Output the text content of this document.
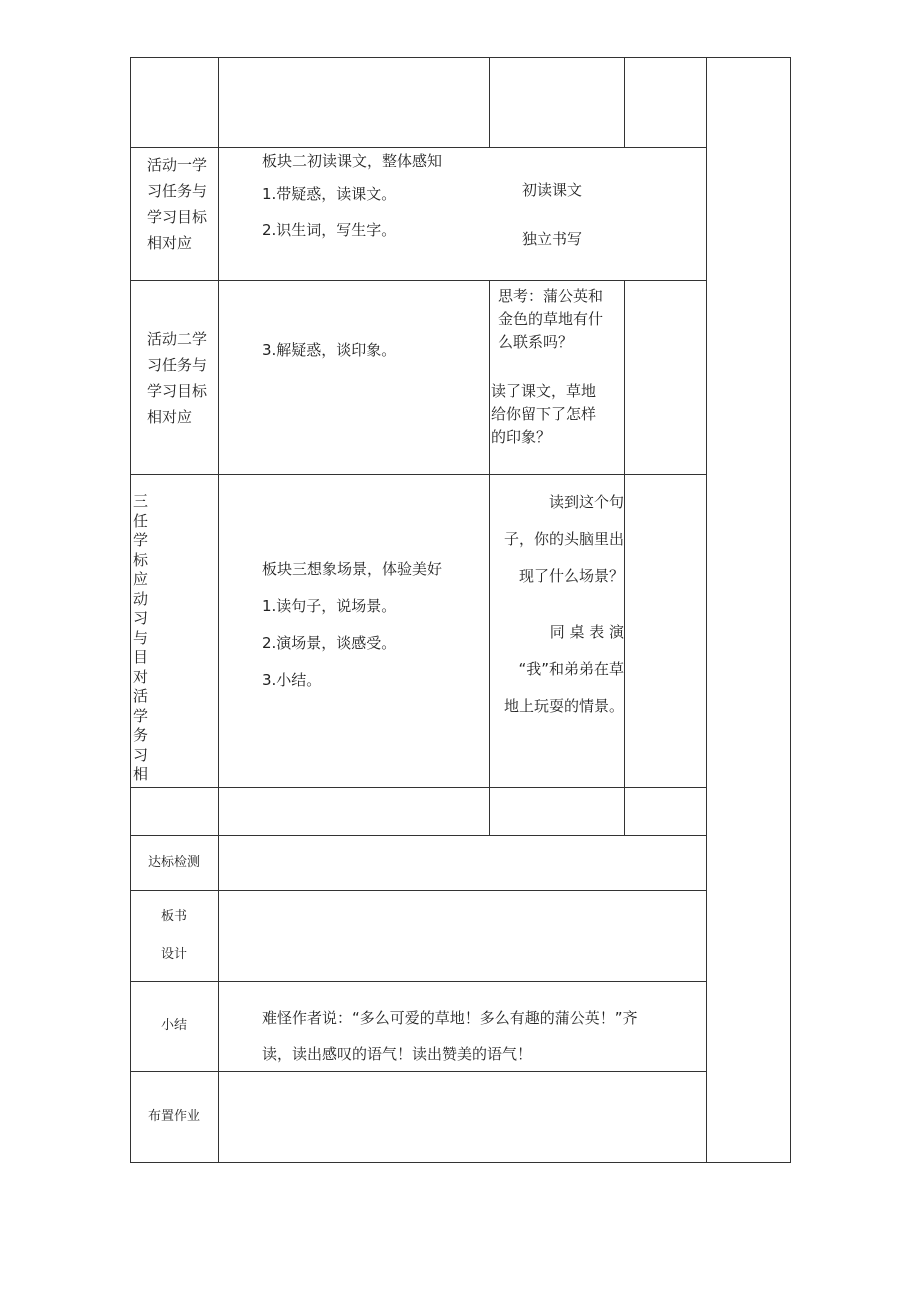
活动一学
习任务与
学习目标
相对应
板块二初读课文，整体感知
1.带疑惑，读课文。
2.识生词，写生字。
初读课文
独立书写
活动二学
习任务与
学习目标
相对应
3.解疑惑，谈印象。
思考：蒲公英和
金色的草地有什
么联系吗？
读了课文，草地
给你留下了怎样
的印象？
三任学标应动习与目对活学务习相
板块三想象场景，体验美好
1.读句子，说场景。
2.演场景，谈感受。
3.小结。
读到这个句
子，你的头脑里出
现了什么场景？
同 桌 表 演
“我”和弟弟在草
地上玩耍的情景。
达标检测
板书
设计
小结	难怪作者说：“多么可爱的草地！多么有趣的蒲公英！”齐
读，读出感叹的语气！读出赞美的语气！
布置作业
